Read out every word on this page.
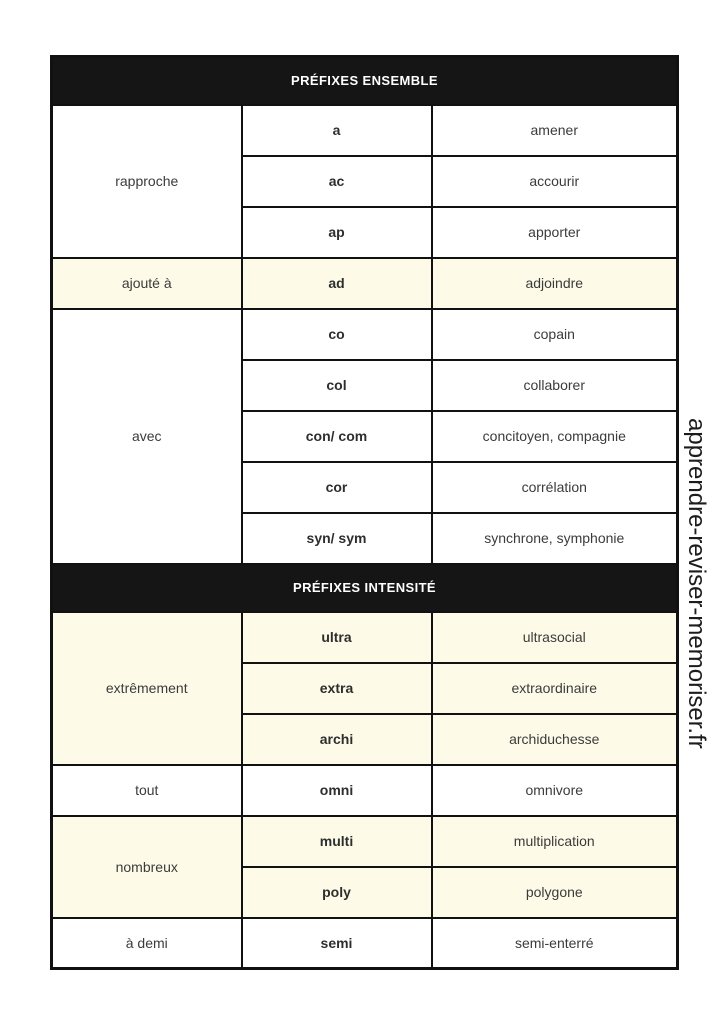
PRÉFIXES ENSEMBLE		
rapproche	a	amener
	ac	accourir
	ap	apporter
ajouté à	ad	adjoindre
avec	co	copain
	col	collaborer
	con/ com	concitoyen, compagnie
	cor	corrélation
	syn/ sym	synchrone, symphonie
PRÉFIXES INTENSITÉ		
extrêmement	ultra	ultrasocial
	extra	extraordinaire
	archi	archiduchesse
tout	omni	omnivore
nombreux	multi	multiplication
	poly	polygone
à demi	semi	semi-enterré
apprendre-reviser-memoriser.fr
